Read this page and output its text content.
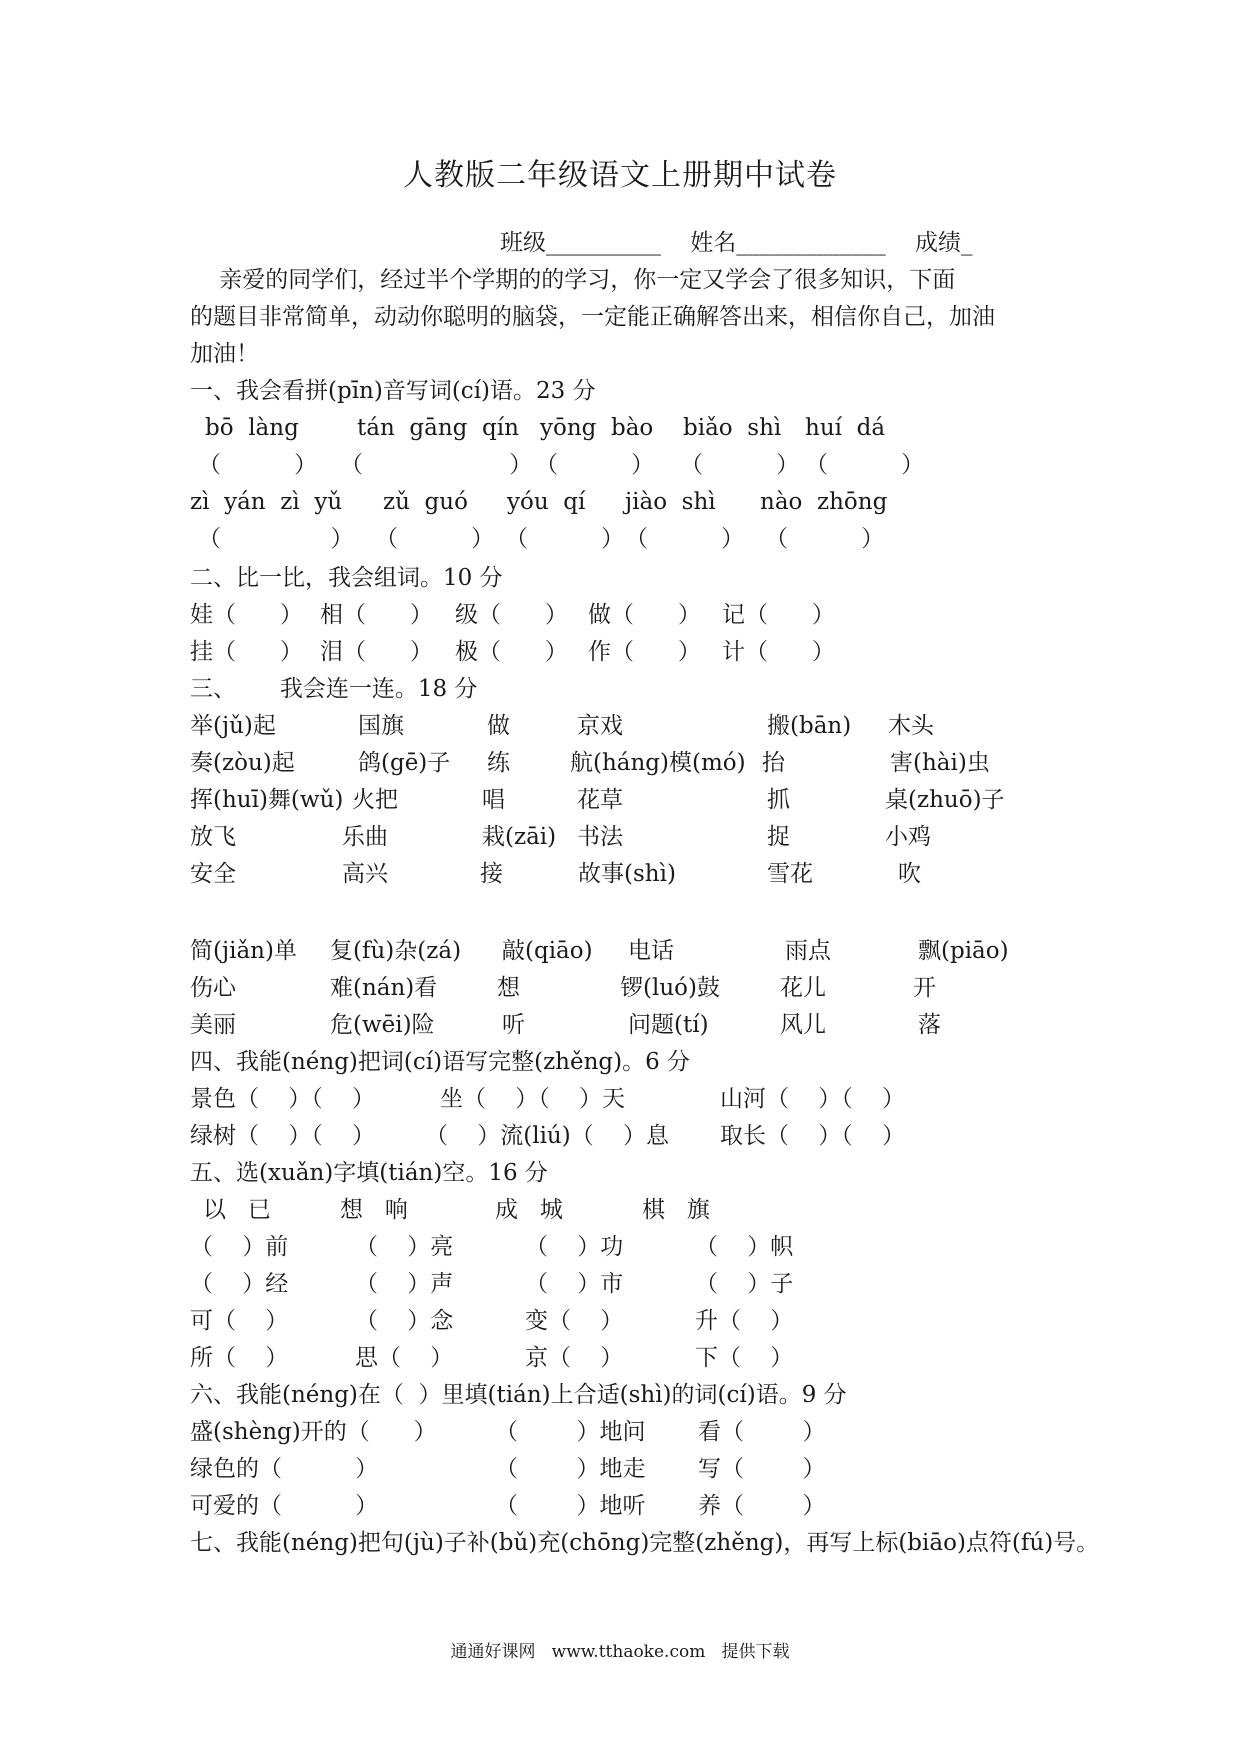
人教版二年级语文上册期中试卷
班级__________    姓名_____________    成绩_
亲爱的同学们，经过半个学期的的学习，你一定又学会了很多知识，下面
的题目非常简单，动动你聪明的脑袋，一定能正确解答出来，相信你自己，加油
加油！
一、我会看拼(pīn)音写词(cí)语。23 分
bō  làng	tán  gāng  qín yōng  bào biǎo  shì huí  dá
（          ） （                    ） （          ） （          ） （          ）
zì  yán  zì  yǔ zǔ  guó yóu  qí jiào  shì nào  zhōng
（               ） （          ） （          ） （          ） （          ）
二、比一比，我会组词。10 分
娃（      ） 相（      ） 级（      ） 做（      ） 记（      ）
挂（      ） 泪（      ） 极（      ） 作（      ） 计（      ）
三、      我会连一连。18 分
举(jǔ)起	国旗	做	京戏	搬(bān) 木头
奏(zòu)起	鸽(gē)子 练	航(háng)模(mó) 抬	害(hài)虫
挥(huī)舞(wǔ) 火把	唱	花草	抓	桌(zhuō)子
放飞	乐曲	栽(zāi) 书法	捉	小鸡
安全	高兴	接	故事(shì)	雪花	吹
简(jiǎn)单 复(fù)杂(zá) 敲(qiāo) 电话	雨点	飘(piāo)
伤心	难(nán)看	想	锣(luó)鼓	花儿	开
美丽	危(wēi)险	听	问题(tí)	风儿	落
四、我能(néng)把词(cí)语写完整(zhěng)。6 分
景色（    ）（    ）	坐（    ）（    ）天	山河（    ）（    ）
绿树（    ）（    ） （    ）流(liú)（    ）息 取长（    ）（    ）
五、选(xuǎn)字填(tián)空。16 分
以   已	想   响	成   城	棋   旗
（    ）前	（    ）亮	（    ）功	（    ）帜
（    ）经	（    ）声	（    ）市	（    ）子
可（    ）	（    ）念	变（    ）	升（    ）
所（    ）	思（    ）	京（    ）	下（    ）
六、我能(néng)在（  ）里填(tián)上合适(shì)的词(cí)语。9 分
盛(shèng)开的（      ）	（        ）地问 看（        ）
绿色的（          ）	（        ）地走 写（        ）
可爱的（          ）	（        ）地听 养（        ）
七、我能(néng)把句(jù)子补(bǔ)充(chōng)完整(zhěng)，再写上标(biāo)点符(fú)号。
通通好课网   www.tthaoke.com   提供下载
